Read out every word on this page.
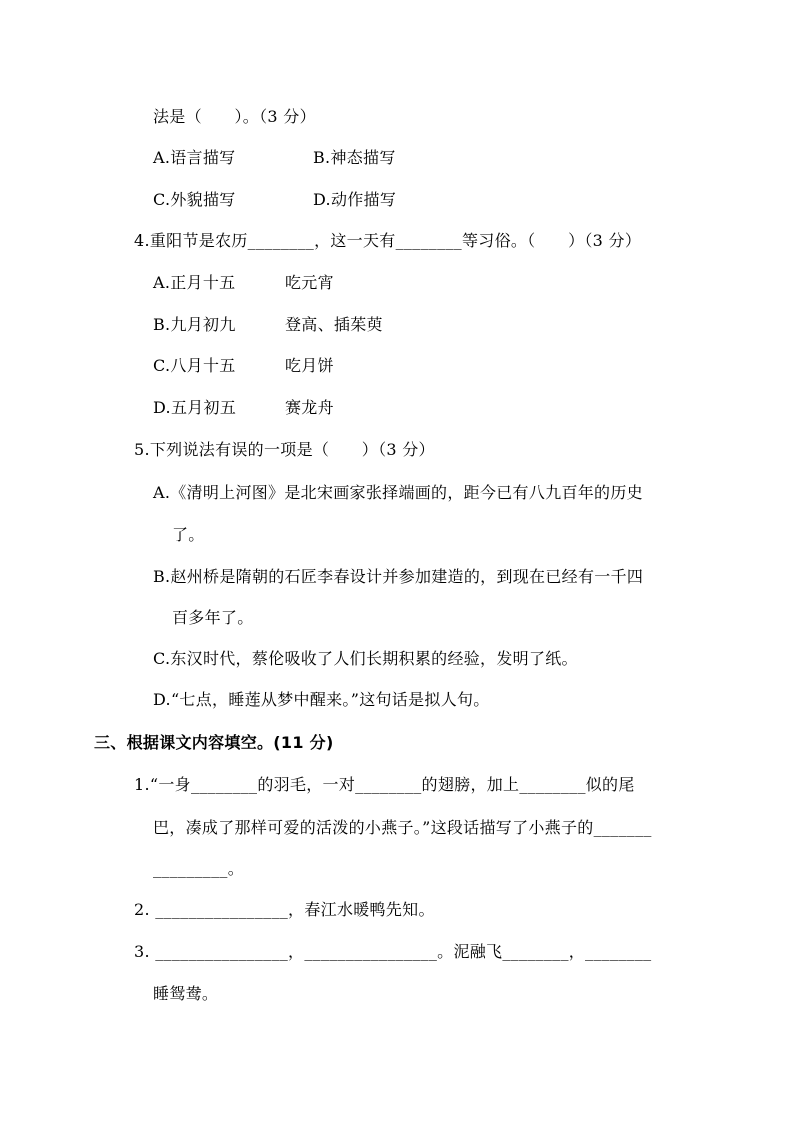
法是（　　）。（3 分）
A.语言描写	B.神态描写
C.外貌描写	D.动作描写
4.重阳节是农历________，这一天有________等习俗。（　　）（3 分）
A.正月十五	吃元宵
B.九月初九	登高、插茱萸
C.八月十五	吃月饼
D.五月初五	赛龙舟
5.下列说法有误的一项是（　　）（3 分）
A.《清明上河图》是北宋画家张择端画的，距今已有八九百年的历史
了。
B.赵州桥是隋朝的石匠李春设计并参加建造的，到现在已经有一千四
百多年了。
C.东汉时代，蔡伦吸收了人们长期积累的经验，发明了纸。
D.“七点，睡莲从梦中醒来。”这句话是拟人句。
三、根据课文内容填空。(11 分)
1.“一身________的羽毛，一对________的翅膀，加上________似的尾
巴，凑成了那样可爱的活泼的小燕子。”这段话描写了小燕子的_______
_________。
2. ________________，春江水暖鸭先知。
3. ________________，________________。泥融飞________，________
睡鸳鸯。
